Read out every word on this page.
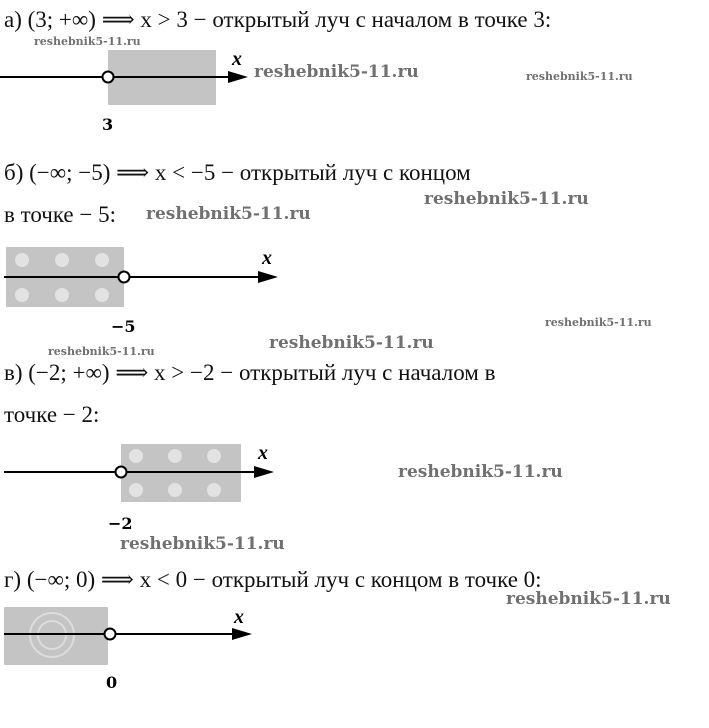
а) (3; +∞) ⟹ x > 3 − открытый луч с началом в точке 3:
3
x
б) (−∞; −5) ⟹ x < −5 − открытый луч с концом
в точке − 5:
−5
x
в) (−2; +∞) ⟹ x > −2 − открытый луч с началом в
точке − 2:
−2
x
г) (−∞; 0) ⟹ x < 0 − открытый луч с концом в точке 0:
0
x
reshebnik5-11.ru
reshebnik5-11.ru	reshebnik5-11.ru
reshebnik5-11.ru
reshebnik5-11.ru
reshebnik5-11.ru
reshebnik5-11.ru
reshebnik5-11.ru
reshebnik5-11.ru
reshebnik5-11.ru
reshebnik5-11.ru
